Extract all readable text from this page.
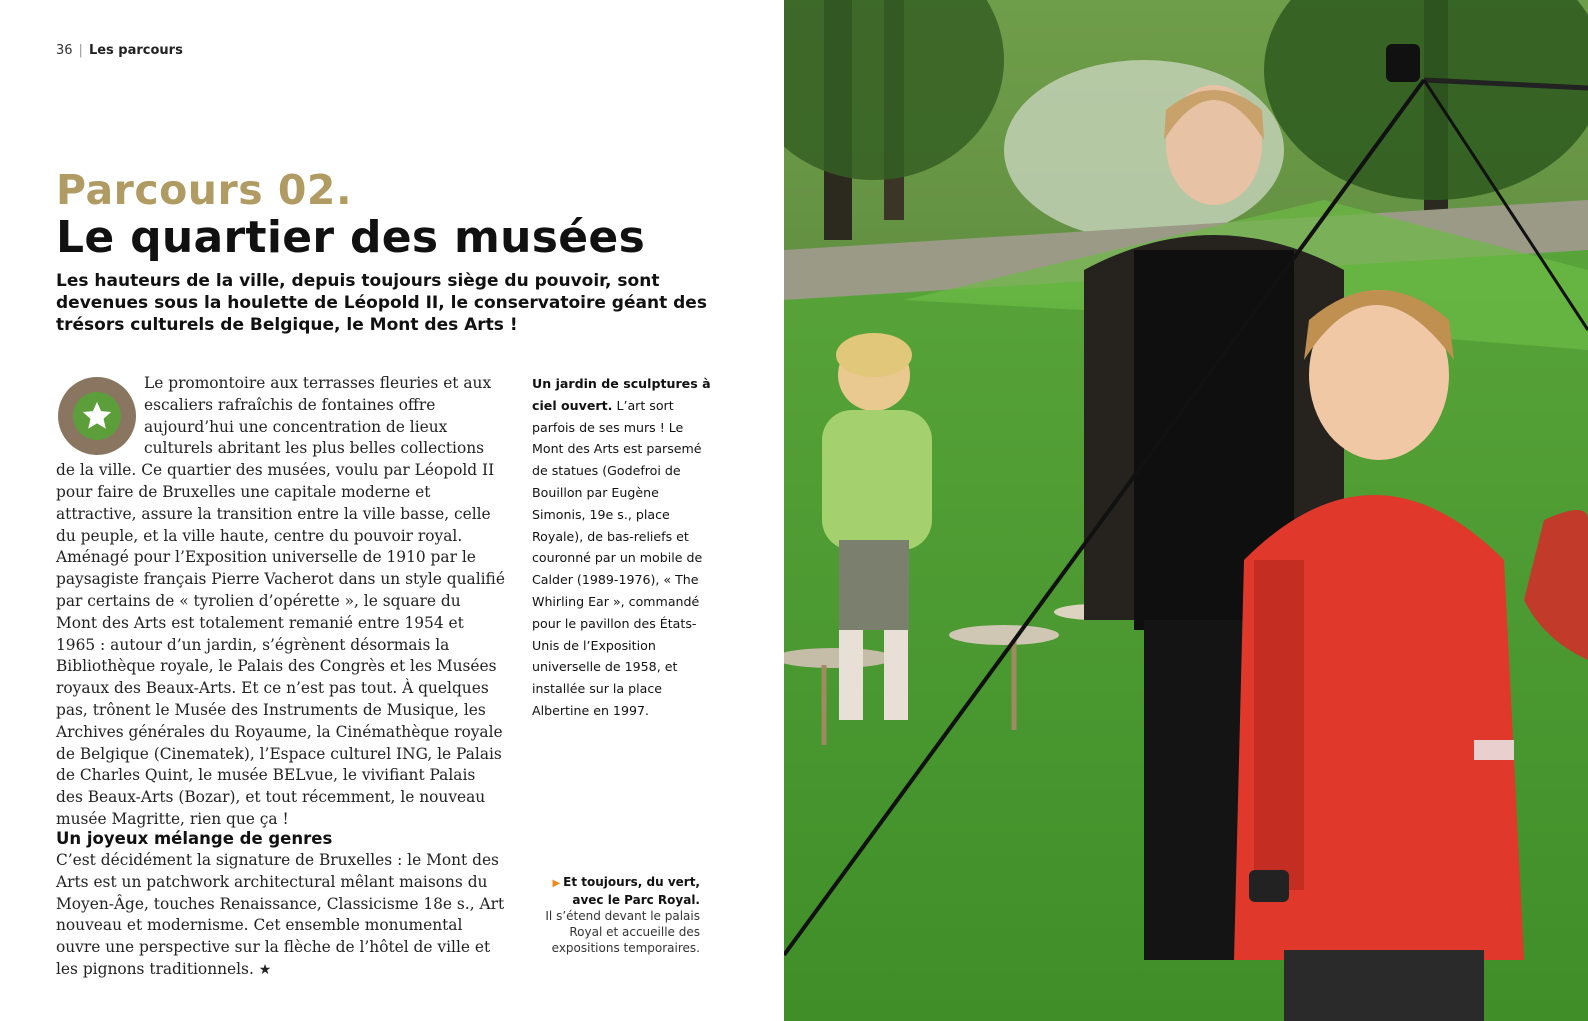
36 | Les parcours
Parcours 02.
Le quartier des musées
Les hauteurs de la ville, depuis toujours siège du pouvoir, sont devenues sous la houlette de Léopold II, le conservatoire géant des trésors culturels de Belgique, le Mont des Arts !

Le promontoire aux terrasses fleuries et aux escaliers rafraîchis de fontaines offre aujourd’hui une concentration de lieux culturels abritant les plus belles collections de la ville. Ce quartier des musées, voulu par Léopold II pour faire de Bruxelles une capitale moderne et attractive, assure la transition entre la ville basse, celle du peuple, et la ville haute, centre du pouvoir royal.

Aménagé pour l’Exposition universelle de 1910 par le paysagiste français Pierre Vacherot dans un style qualifié par certains de « tyrolien d’opérette », le square du Mont des Arts est totalement remanié entre 1954 et 1965 : autour d’un jardin, s’égrènent désormais la Bibliothèque royale, le Palais des Congrès et les Musées royaux des Beaux-Arts. Et ce n’est pas tout. À quelques pas, trônent le Musée des Instruments de Musique, les Archives générales du Royaume, la Cinémathèque royale de Belgique (Cinematek), l’Espace culturel ING, le Palais de Charles Quint, le musée BELvue, le vivifiant Palais des Beaux-Arts (Bozar), et tout récemment, le nouveau musée Magritte, rien que ça !

Un joyeux mélange de genres

C’est décidément la signature de Bruxelles : le Mont des Arts est un patchwork architectural mêlant maisons du Moyen-Âge, touches Renaissance, Classicisme 18e s., Art nouveau et modernisme. Cet ensemble monumental ouvre une perspective sur la flèche de l’hôtel de ville et les pignons traditionnels. ★

Un jardin de sculptures à ciel ouvert. L’art sort parfois de ses murs ! Le Mont des Arts est parsemé de statues (Godefroi de Bouillon par Eugène Simonis, 19e s., place Royale), de bas-reliefs et couronné par un mobile de Calder (1989-1976), « The Whirling Ear », commandé pour le pavillon des États-Unis de l’Exposition universelle de 1958, et installée sur la place Albertine en 1997.
▶ Et toujours, du vert, avec le Parc Royal.
Il s’étend devant le palais Royal et accueille des expositions temporaires.
